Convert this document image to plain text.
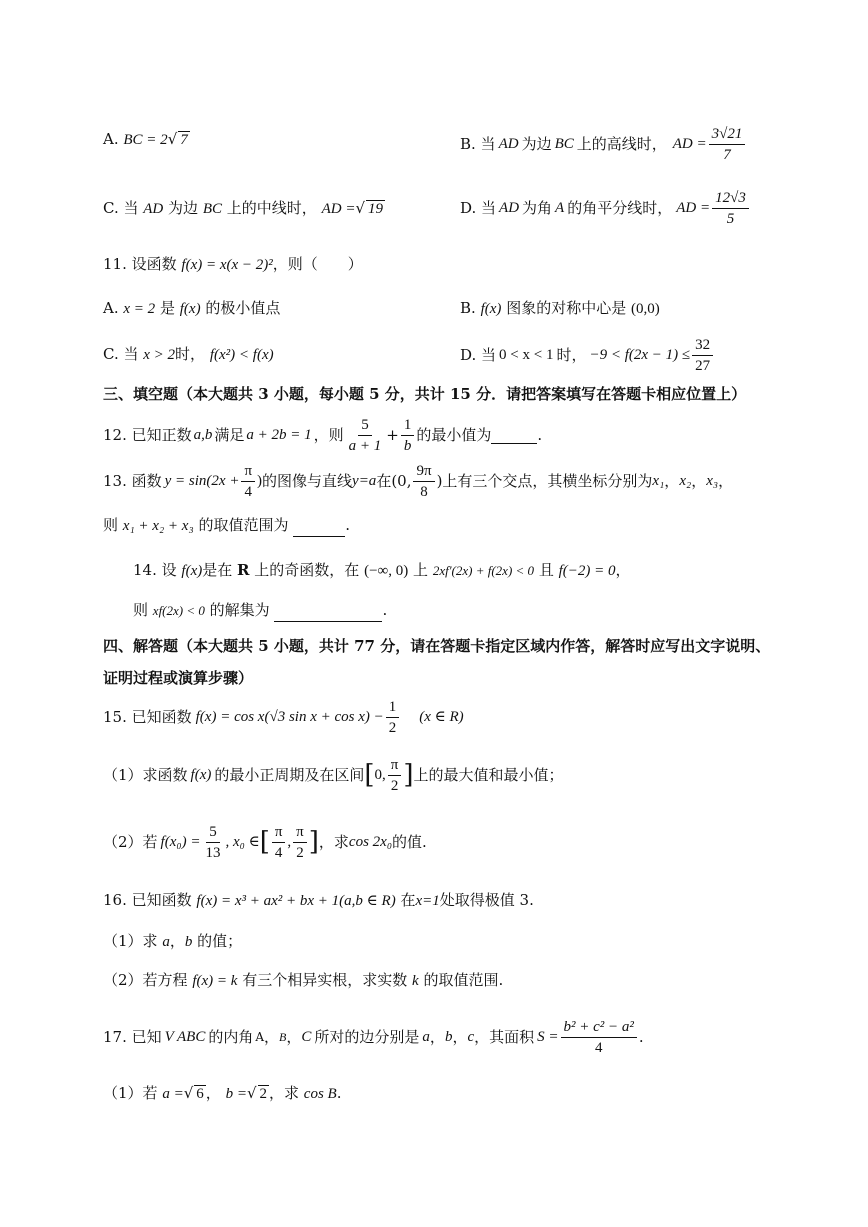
A. BC = 2√ 7	B. 当 AD 为边 BC 上的高线时， AD = $\frac{3√21}{7}$
C. 当 AD 为边 BC 上的中线时， AD =√ 19	D. 当 AD 为角 A 的角平分线时， AD = $\frac{12√3}{5}$
11. 设函数 f(x) = x(x − 2)²，则（　　）
A. x = 2 是 f(x) 的极小值点	B. f(x) 图象的对称中心是 (0,0)
C. 当 x > 2时， f(x²) < f(x)	D. 当 0 < x < 1 时， $-9 < f(2x - 1) \le \frac{32}{27}$
三、填空题（本大题共 3 小题，每小题 5 分，共计 15 分．请把答案填写在答题卡相应位置上）
12. 已知正数 a,b 满足 a + 2b = 1 ，则 $\frac{5}{a + 1} + \frac{1}{b}$ 的最小值为	.
13. 函数 $y = \sin(2x + \frac{\pi}{4}$ ) 的图像与直线 y=a 在(0, $\frac{9\pi}{8}$ )上有三个交点，其横坐标分别为 x₁ ， x₂ ， x₃ ，
则 x₁ + x₂ + x₃ 的取值范围为	.
14. 设 f(x)是在 R 上的奇函数，在 (−∞, 0) 上 2xf′(2x) + f(2x) < 0 且 f(−2) = 0，
则 xf(2x) < 0 的解集为	.
四、解答题（本大题共 5 小题，共计 77 分，请在答题卡指定区域内作答，解答时应写出文字说明、
证明过程或演算步骤）
15. 已知函数 f(x) = cos x(√3 $\sin x + \cos x) - \frac{1}{2} (x$ ∈ R)
（1）求函数 f(x) 的最小正周期及在区间 [ 0, $\frac{\pi}{2}$ ] 上的最大值和最小值；
（2）若 $f(x_0) = \frac{5}{13}$ , x₀ ∈ [ $\frac{\pi}{4}$ , $\frac{\pi}{2}$ ] ，求 cos 2x₀ 的值.
16. 已知函数 f(x) = x³ + ax² + bx + 1(a,b ∈ R) 在x=1处取得极值 3.
（1）求 a，b 的值；
（2）若方程 f(x) = k 有三个相异实根，求实数 k 的取值范围.
17. 已知 V ABC 的内角 A ， B ， C 所对的边分别是 a ， b ， c ，其面积 $S = \frac{\text{b² + c² − a²}}{4}$ .
（1）若 a =√ 6 ， b =√ 2 ，求 cos B.
